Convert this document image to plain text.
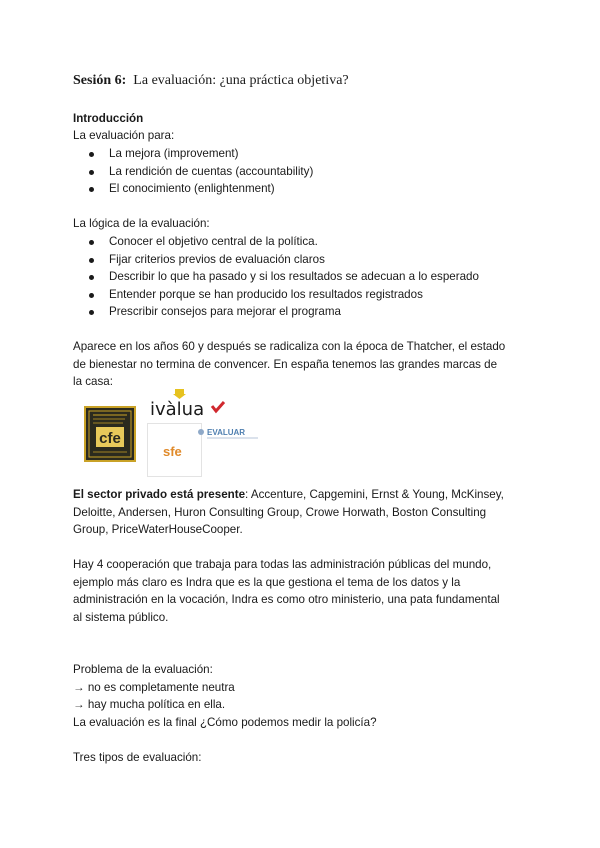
Sesión 6: La evaluación: ¿una práctica objetiva?
Introducción
La evaluación para:
La mejora (improvement)
La rendición de cuentas (accountability)
El conocimiento (enlightenment)
La lógica de la evaluación:
Conocer el objetivo central de la política.
Fijar criterios previos de evaluación claros
Describir lo que ha pasado y si los resultados se adecuan a lo esperado
Entender porque se han producido los resultados registrados
Prescribir consejos para mejorar el programa
Aparece en los años 60 y después se radicaliza con la época de Thatcher, el estado
de bienestar no termina de convencer. En españa tenemos las grandes marcas de
la casa:
cfe
ivàlua
sfe
EVALUAR
El sector privado está presente: Accenture, Capgemini, Ernst & Young, McKinsey,
Deloitte, Andersen, Huron Consulting Group, Crowe Horwath, Boston Consulting
Group, PriceWaterHouseCooper.
Hay 4 cooperación que trabaja para todas las administración públicas del mundo,
ejemplo más claro es Indra que es la que gestiona el tema de los datos y la
administración en la vocación, Indra es como otro ministerio, una pata fundamental
al sistema público.
Problema de la evaluación:
→ no es completamente neutra
→ hay mucha política en ella.
La evaluación es la final ¿Cómo podemos medir la policía?
Tres tipos de evaluación:
